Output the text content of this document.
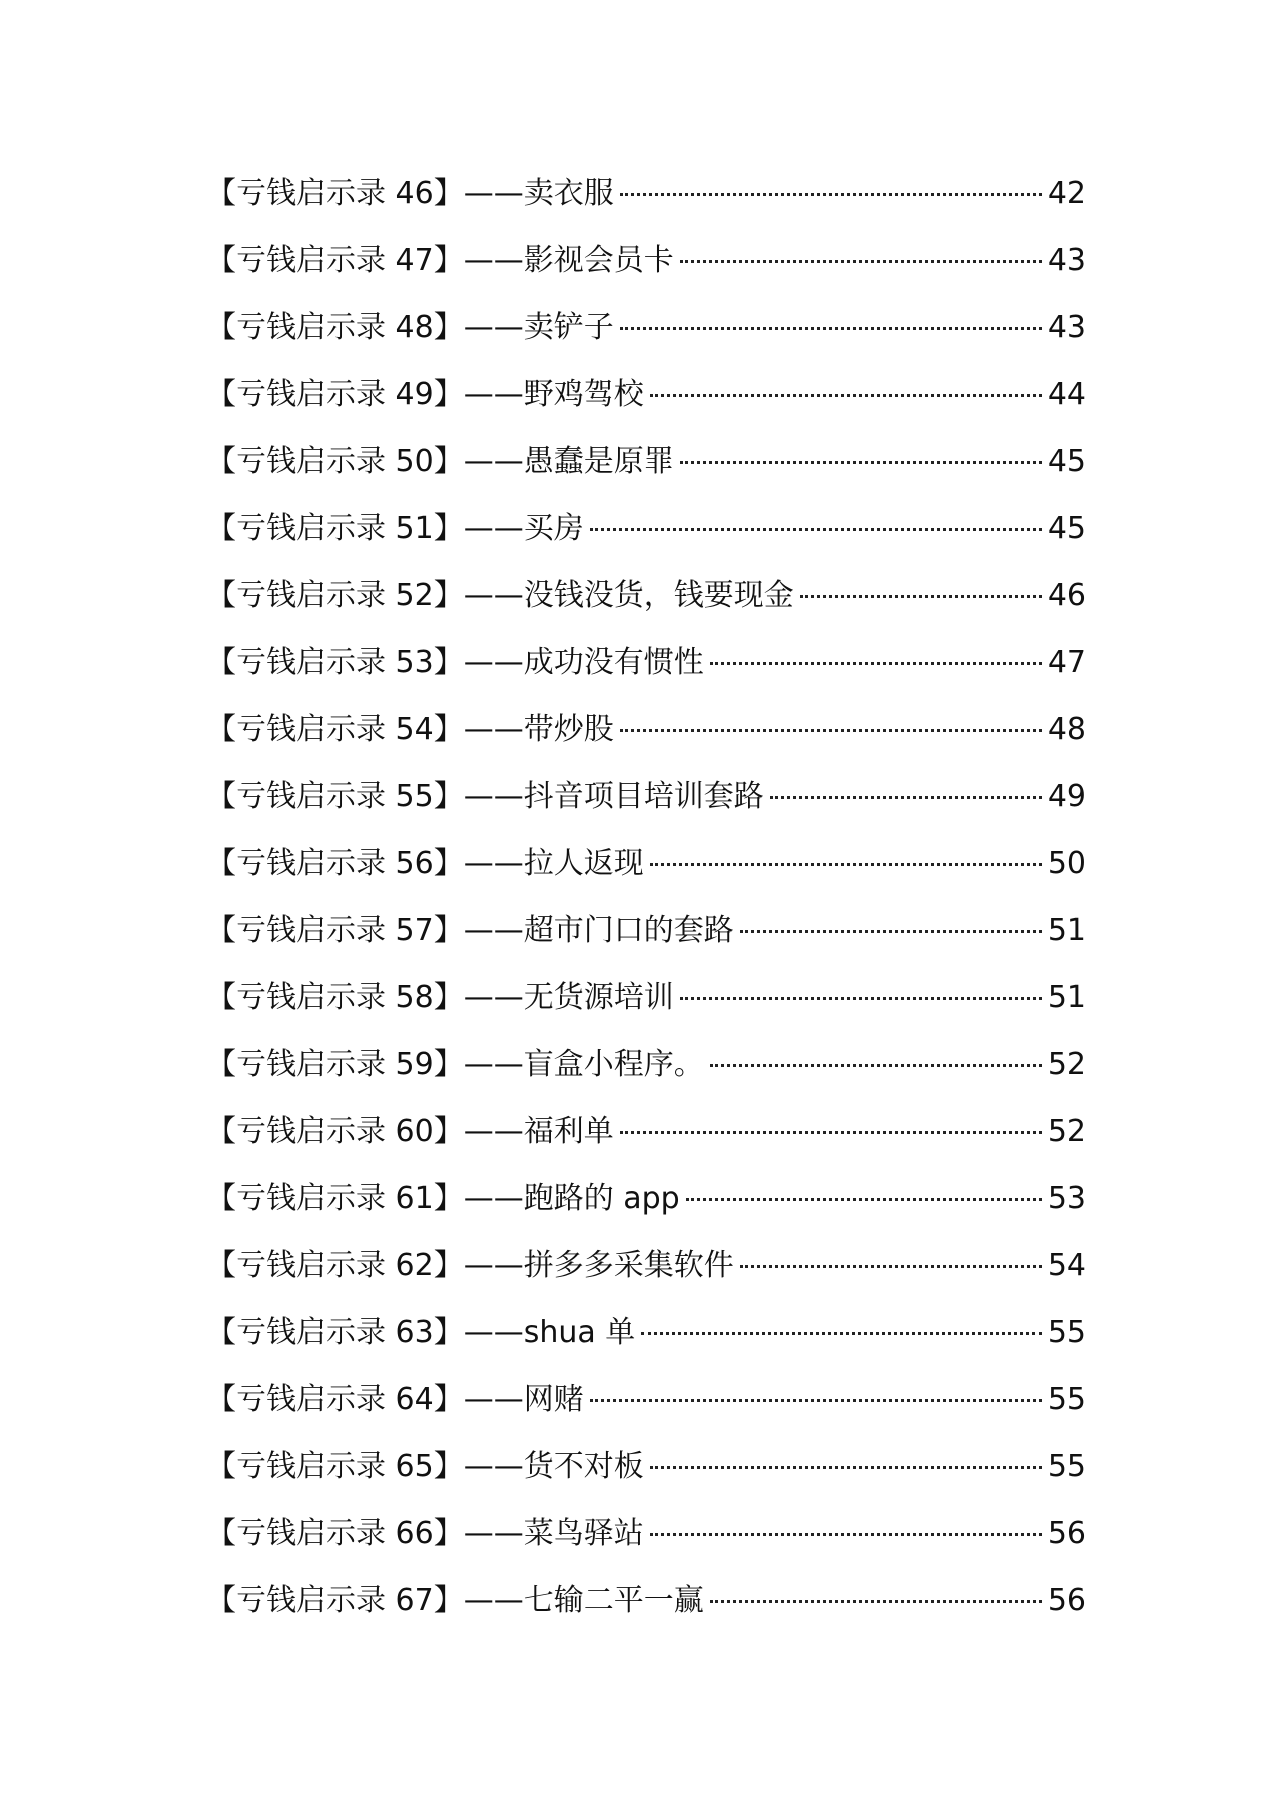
【亏钱启示录 46】——卖衣服	42
【亏钱启示录 47】——影视会员卡	43
【亏钱启示录 48】——卖铲子	43
【亏钱启示录 49】——野鸡驾校	44
【亏钱启示录 50】——愚蠢是原罪	45
【亏钱启示录 51】——买房	45
【亏钱启示录 52】——没钱没货，钱要现金	46
【亏钱启示录 53】——成功没有惯性	47
【亏钱启示录 54】——带炒股	48
【亏钱启示录 55】——抖音项目培训套路	49
【亏钱启示录 56】——拉人返现	50
【亏钱启示录 57】——超市门口的套路	51
【亏钱启示录 58】——无货源培训	51
【亏钱启示录 59】——盲盒小程序。	52
【亏钱启示录 60】——福利单	52
【亏钱启示录 61】——跑路的 app	53
【亏钱启示录 62】——拼多多采集软件	54
【亏钱启示录 63】——shua 单	55
【亏钱启示录 64】——网赌	55
【亏钱启示录 65】——货不对板	55
【亏钱启示录 66】——菜鸟驿站	56
【亏钱启示录 67】——七输二平一赢	56
